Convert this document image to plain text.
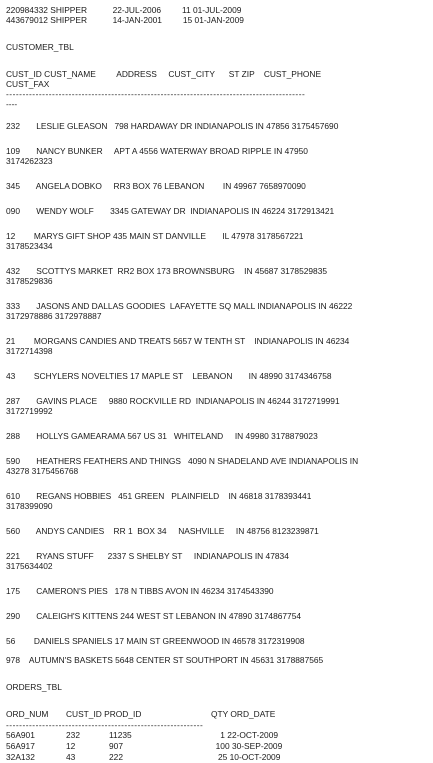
220984332 SHIPPER           22-JUL-2006         11 01-JUL-2009
443679012 SHIPPER           14-JAN-2001         15 01-JAN-2009
CUSTOMER_TBL
CUST_ID CUST_NAME         ADDRESS     CUST_CITY      ST ZIP    CUST_PHONE
CUST_FAX
-------------------------------------------------------------------------------------------
----
232       LESLIE GLEASON   798 HARDAWAY DR INDIANAPOLIS IN 47856 3175457690
109       NANCY BUNKER     APT A 4556 WATERWAY BROAD RIPPLE IN 47950
3174262323
345       ANGELA DOBKO     RR3 BOX 76 LEBANON        IN 49967 7658970090
090       WENDY WOLF       3345 GATEWAY DR  INDIANAPOLIS IN 46224 3172913421
12        MARYS GIFT SHOP 435 MAIN ST DANVILLE       IL 47978 3178567221
3178523434
432       SCOTTYS MARKET  RR2 BOX 173 BROWNSBURG    IN 45687 3178529835
3178529836
333       JASONS AND DALLAS GOODIES  LAFAYETTE SQ MALL INDIANAPOLIS IN 46222
3172978886 3172978887
21        MORGANS CANDIES AND TREATS 5657 W TENTH ST    INDIANAPOLIS IN 46234
3172714398
43        SCHYLERS NOVELTIES 17 MAPLE ST    LEBANON       IN 48990 3174346758
287       GAVINS PLACE     9880 ROCKVILLE RD  INDIANAPOLIS IN 46244 3172719991
3172719992
288       HOLLYS GAMEARAMA 567 US 31   WHITELAND     IN 49980 3178879023
590       HEATHERS FEATHERS AND THINGS   4090 N SHADELAND AVE INDIANAPOLIS IN
43278 3175456768
610       REGANS HOBBIES   451 GREEN   PLAINFIELD    IN 46818 3178393441
3178399090
560       ANDYS CANDIES    RR 1  BOX 34     NASHVILLE     IN 48756 8123239871
221       RYANS STUFF      2337 S SHELBY ST     INDIANAPOLIS IN 47834
3175634402
175       CAMERON'S PIES   178 N TIBBS AVON IN 46234 3174543390
290       CALEIGH'S KITTENS 244 WEST ST LEBANON IN 47890 3174867754
56        DANIELS SPANIELS 17 MAIN ST GREENWOOD IN 46578 3172319908
978    AUTUMN'S BASKETS 5648 CENTER ST SOUTHPORT IN 45631 3178887565
ORDERS_TBL
ORD_NUM CUST_ID PROD_ID	QTY ORD_DATE
------------------------------------------------------------
56A901	232	11235	1 22-OCT-2009
56A917	12	907	100 30-SEP-2009
32A132	43	222	25 10-OCT-2009
